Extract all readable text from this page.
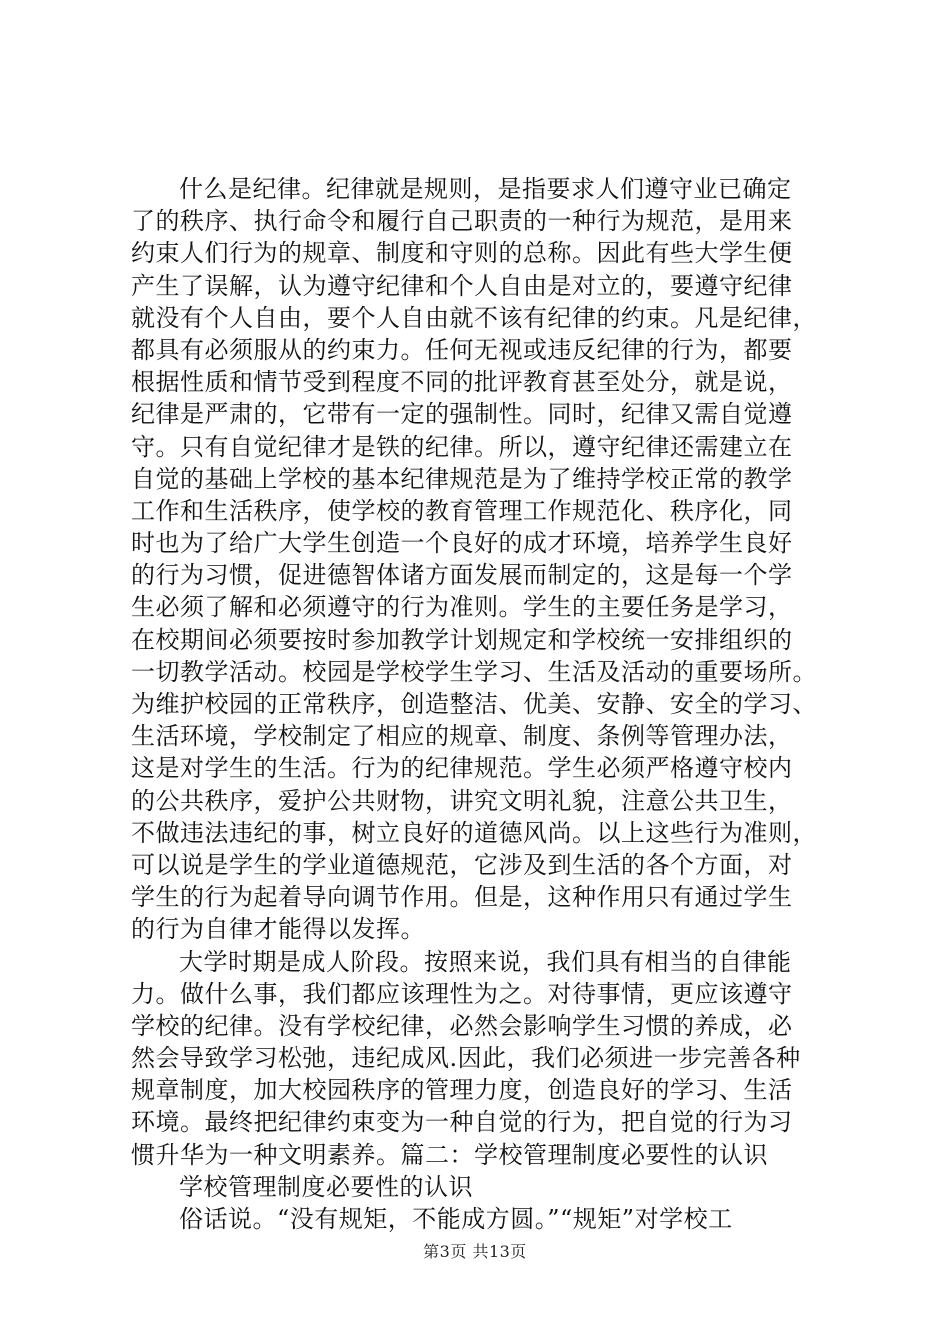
什么是纪律。纪律就是规则，是指要求人们遵守业已确定
了的秩序、执行命令和履行自己职责的一种行为规范，是用来
约束人们行为的规章、制度和守则的总称。因此有些大学生便
产生了误解，认为遵守纪律和个人自由是对立的，要遵守纪律
就没有个人自由，要个人自由就不该有纪律的约束。凡是纪律，
都具有必须服从的约束力。任何无视或违反纪律的行为，都要
根据性质和情节受到程度不同的批评教育甚至处分，就是说，
纪律是严肃的，它带有一定的强制性。同时，纪律又需自觉遵
守。只有自觉纪律才是铁的纪律。所以，遵守纪律还需建立在
自觉的基础上学校的基本纪律规范是为了维持学校正常的教学
工作和生活秩序，使学校的教育管理工作规范化、秩序化，同
时也为了给广大学生创造一个良好的成才环境，培养学生良好
的行为习惯，促进德智体诸方面发展而制定的，这是每一个学
生必须了解和必须遵守的行为准则。学生的主要任务是学习，
在校期间必须要按时参加教学计划规定和学校统一安排组织的
一切教学活动。校园是学校学生学习、生活及活动的重要场所。
为维护校园的正常秩序，创造整洁、优美、安静、安全的学习、
生活环境，学校制定了相应的规章、制度、条例等管理办法，
这是对学生的生活。行为的纪律规范。学生必须严格遵守校内
的公共秩序，爱护公共财物，讲究文明礼貌，注意公共卫生，
不做违法违纪的事，树立良好的道德风尚。以上这些行为准则，
可以说是学生的学业道德规范，它涉及到生活的各个方面，对
学生的行为起着导向调节作用。但是，这种作用只有通过学生
的行为自律才能得以发挥。
大学时期是成人阶段。按照来说，我们具有相当的自律能
力。做什么事，我们都应该理性为之。对待事情，更应该遵守
学校的纪律。没有学校纪律，必然会影响学生习惯的养成，必
然会导致学习松弛，违纪成风.因此，我们必须进一步完善各种
规章制度，加大校园秩序的管理力度，创造良好的学习、生活
环境。最终把纪律约束变为一种自觉的行为，把自觉的行为习
惯升华为一种文明素养。篇二：学校管理制度必要性的认识
学校管理制度必要性的认识
俗话说。“没有规矩，不能成方圆。”“规矩”对学校工
第3页 共13页
